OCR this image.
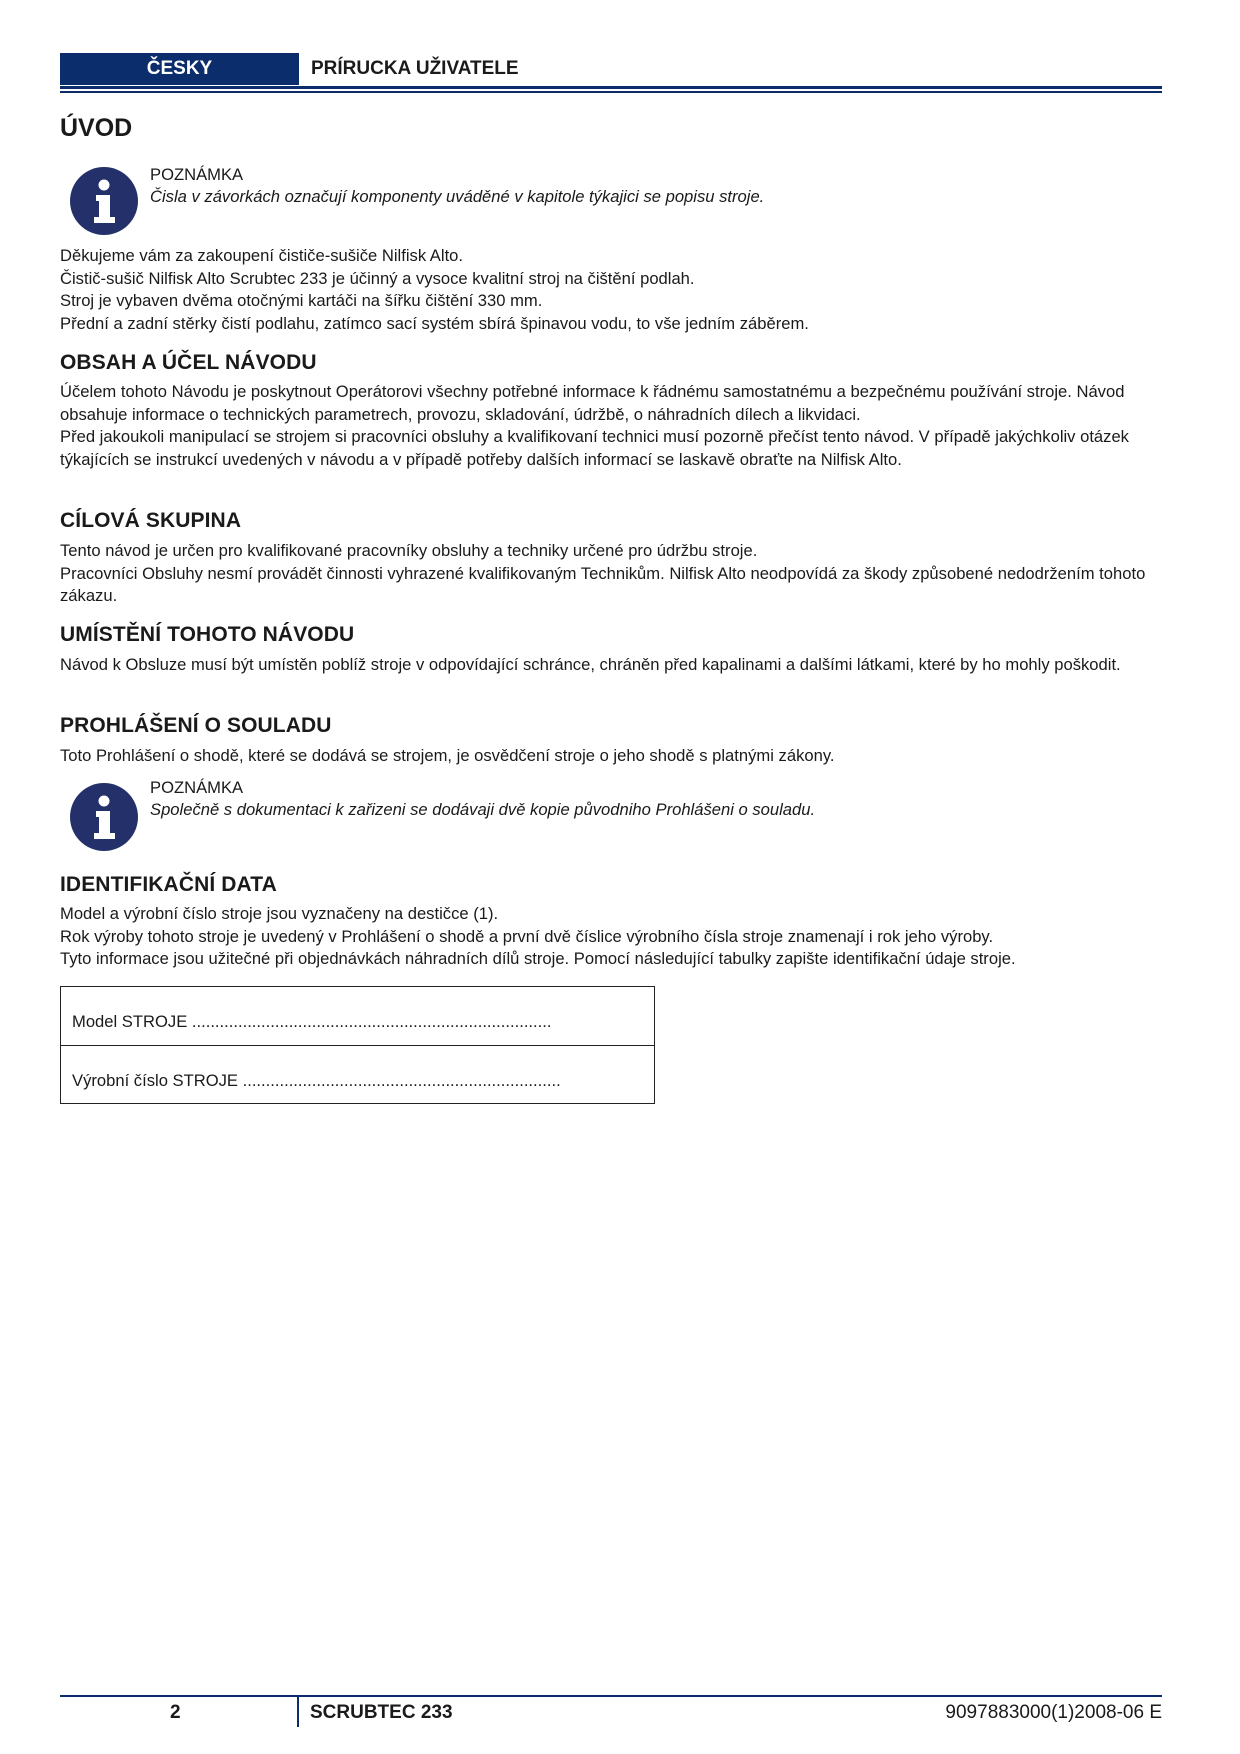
ČESKY	PRÍRUCKA UŽIVATELE
ÚVOD
POZNÁMKA
Čisla v závorkách označují komponenty uváděné v kapitole týkajici se popisu stroje.

Děkujeme vám za zakoupení čističe-sušiče Nilfisk Alto.

Čistič-sušič Nilfisk Alto Scrubtec 233 je účinný a vysoce kvalitní stroj na čištění podlah.

Stroj je vybaven dvěma otočnými kartáči na šířku čištění 330 mm.

Přední a zadní stěrky čistí podlahu, zatímco sací systém sbírá špinavou vodu, to vše jedním záběrem.

OBSAH A ÚČEL NÁVODU

Účelem tohoto Návodu je poskytnout Operátorovi všechny potřebné informace k řádnému samostatnému a bezpečnému používání stroje. Návod obsahuje informace o technických parametrech, provozu, skladování, údržbě, o náhradních dílech a likvidaci.

Před jakoukoli manipulací se strojem si pracovníci obsluhy a kvalifikovaní technici musí pozorně přečíst tento návod. V případě jakýchkoliv otázek týkajících se instrukcí uvedených v návodu a v případě potřeby dalších informací se laskavě obraťte na Nilfisk Alto.

CÍLOVÁ SKUPINA

Tento návod je určen pro kvalifikované pracovníky obsluhy a techniky určené pro údržbu stroje.

Pracovníci Obsluhy nesmí provádět činnosti vyhrazené kvalifikovaným Technikům. Nilfisk Alto neodpovídá za škody způsobené nedodržením tohoto zákazu.

UMÍSTĚNÍ TOHOTO NÁVODU

Návod k Obsluze musí být umístěn poblíž stroje v odpovídající schránce, chráněn před kapalinami a dalšími látkami, které by ho mohly poškodit.

PROHLÁŠENÍ O SOULADU

Toto Prohlášení o shodě, které se dodává se strojem, je osvědčení stroje o jeho shodě s platnými zákony.

POZNÁMKA
Společně s dokumentaci k zařizeni se dodávaji dvě kopie původniho Prohlášeni o souladu.
IDENTIFIKAČNÍ DATA

Model a výrobní číslo stroje jsou vyznačeny na destičce (1).

Rok výroby tohoto stroje je uvedený v Prohlášení o shodě a první dvě číslice výrobního čísla stroje znamenají i rok jeho výroby.

Tyto informace jsou užitečné při objednávkách náhradních dílů stroje. Pomocí následující tabulky zapište identifikační údaje stroje.

Model STROJE ..............................................................................
Výrobní číslo STROJE .....................................................................
2	SCRUBTEC 233	9097883000(1)2008-06 E
